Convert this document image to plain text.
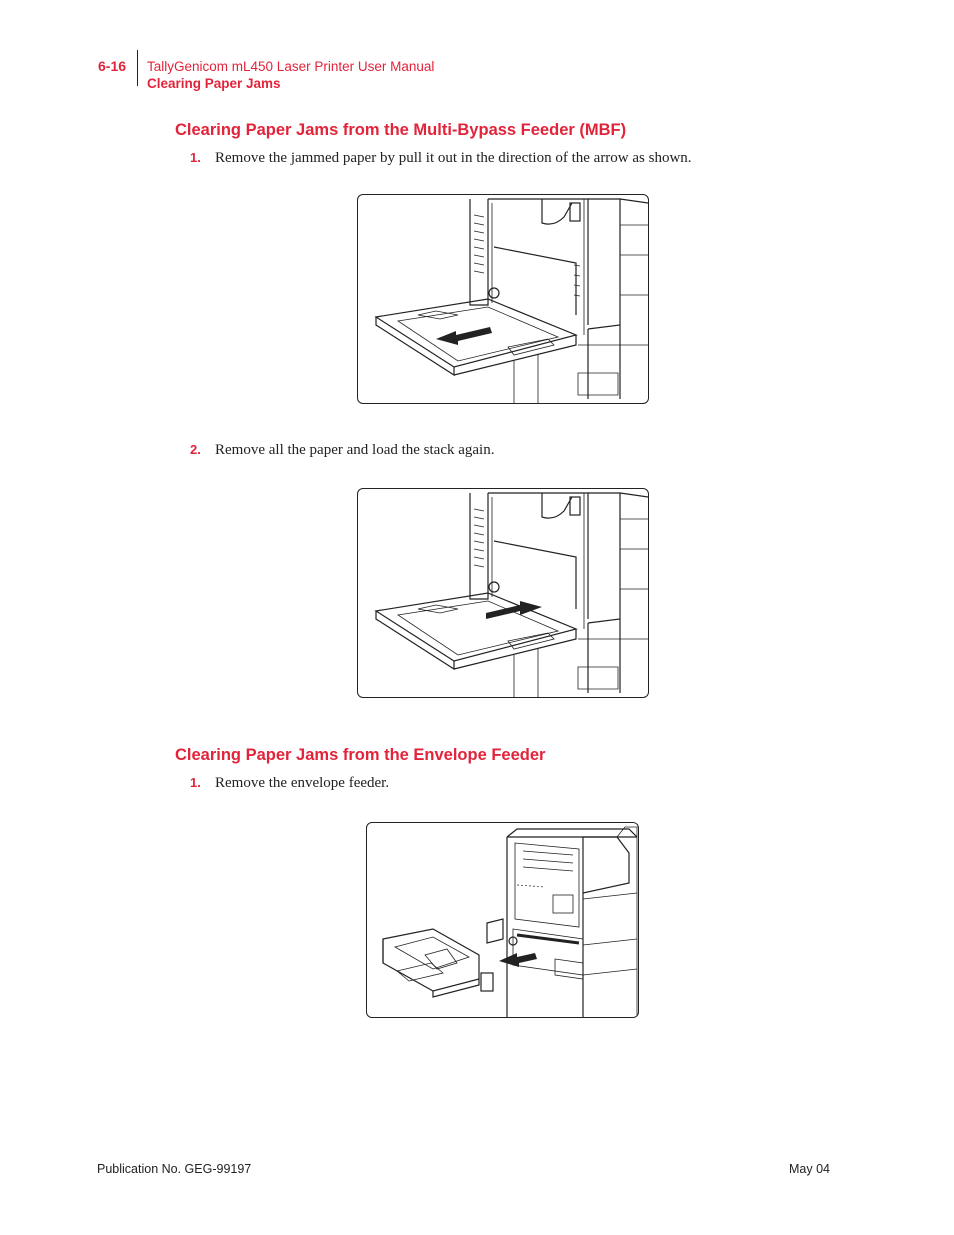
6-16 TallyGenicom mL450 Laser Printer User Manual
Clearing Paper Jams
Clearing Paper Jams from the Multi-Bypass Feeder (MBF)
1. Remove the jammed paper by pull it out in the direction of the arrow as shown.
2. Remove all the paper and load the stack again.
Clearing Paper Jams from the Envelope Feeder
1. Remove the envelope feeder.
Publication No. GEG-99197	May 04
